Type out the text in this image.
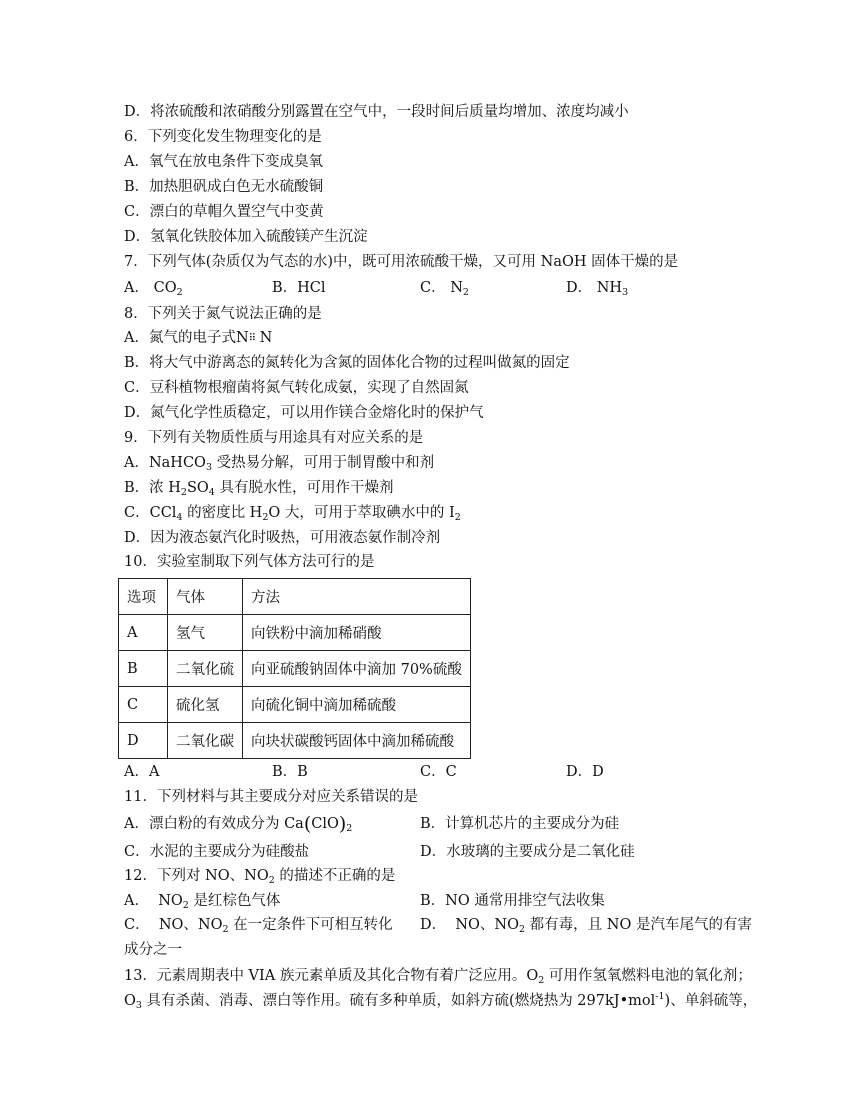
D．将浓硫酸和浓硝酸分别露置在空气中，一段时间后质量均增加、浓度均减小
6．下列变化发生物理变化的是
A．氧气在放电条件下变成臭氧
B．加热胆矾成白色无水硫酸铜
C．漂白的草帽久置空气中变黄
D．氢氧化铁胶体加入硫酸镁产生沉淀
7．下列气体(杂质仅为气态的水)中，既可用浓硫酸干燥，又可用 NaOH 固体干燥的是
A． $CO_2$	B．HCl	C． $N_2$	D． $NH_3$
8．下列关于氮气说法正确的是
A．氮气的电子式N⠿ N
B．将大气中游离态的氮转化为含氮的固体化合物的过程叫做氮的固定
C．豆科植物根瘤菌将氮气转化成氨，实现了自然固氮
D．氮气化学性质稳定，可以用作镁合金熔化时的保护气
9．下列有关物质性质与用途具有对应关系的是
A．NaHCO$_3$ 受热易分解，可用于制胃酸中和剂
B．浓 $H_2SO_4$ 具有脱水性，可用作干燥剂
C．CCl$_4$ 的密度比 $H_2O$ 大，可用于萃取碘水中的 $I_2$
D．因为液态氨汽化时吸热，可用液态氨作制冷剂
10．实验室制取下列气体方法可行的是
选项	气体	方法
A	氢气	向铁粉中滴加稀硝酸
B	二氧化硫	向亚硫酸钠固体中滴加 70%硫酸
C	硫化氢	向硫化铜中滴加稀硫酸
D	二氧化碳	向块状碳酸钙固体中滴加稀硫酸
A．A	B．B	C．C	D．D
11．下列材料与其主要成分对应关系错误的是
A．漂白粉的有效成分为 $Ca(ClO)_2$	B．计算机芯片的主要成分为硅
C．水泥的主要成分为硅酸盐	D．水玻璃的主要成分是二氧化硅
12．下列对 NO、$NO_2$ 的描述不正确的是
A．  $NO_2$ 是红棕色气体	B．NO 通常用排空气法收集
C．  NO、$NO_2$ 在一定条件下可相互转化 D．  NO、$NO_2$ 都有毒，且 NO 是汽车尾气的有害
成分之一
13．元素周期表中 VIA 族元素单质及其化合物有着广泛应用。$O_2$ 可用作氢氧燃料电池的氧化剂；
$O_3$ 具有杀菌、消毒、漂白等作用。硫有多种单质，如斜方硫(燃烧热为 297kJ•mol$^{-1}$)、单斜硫等，
